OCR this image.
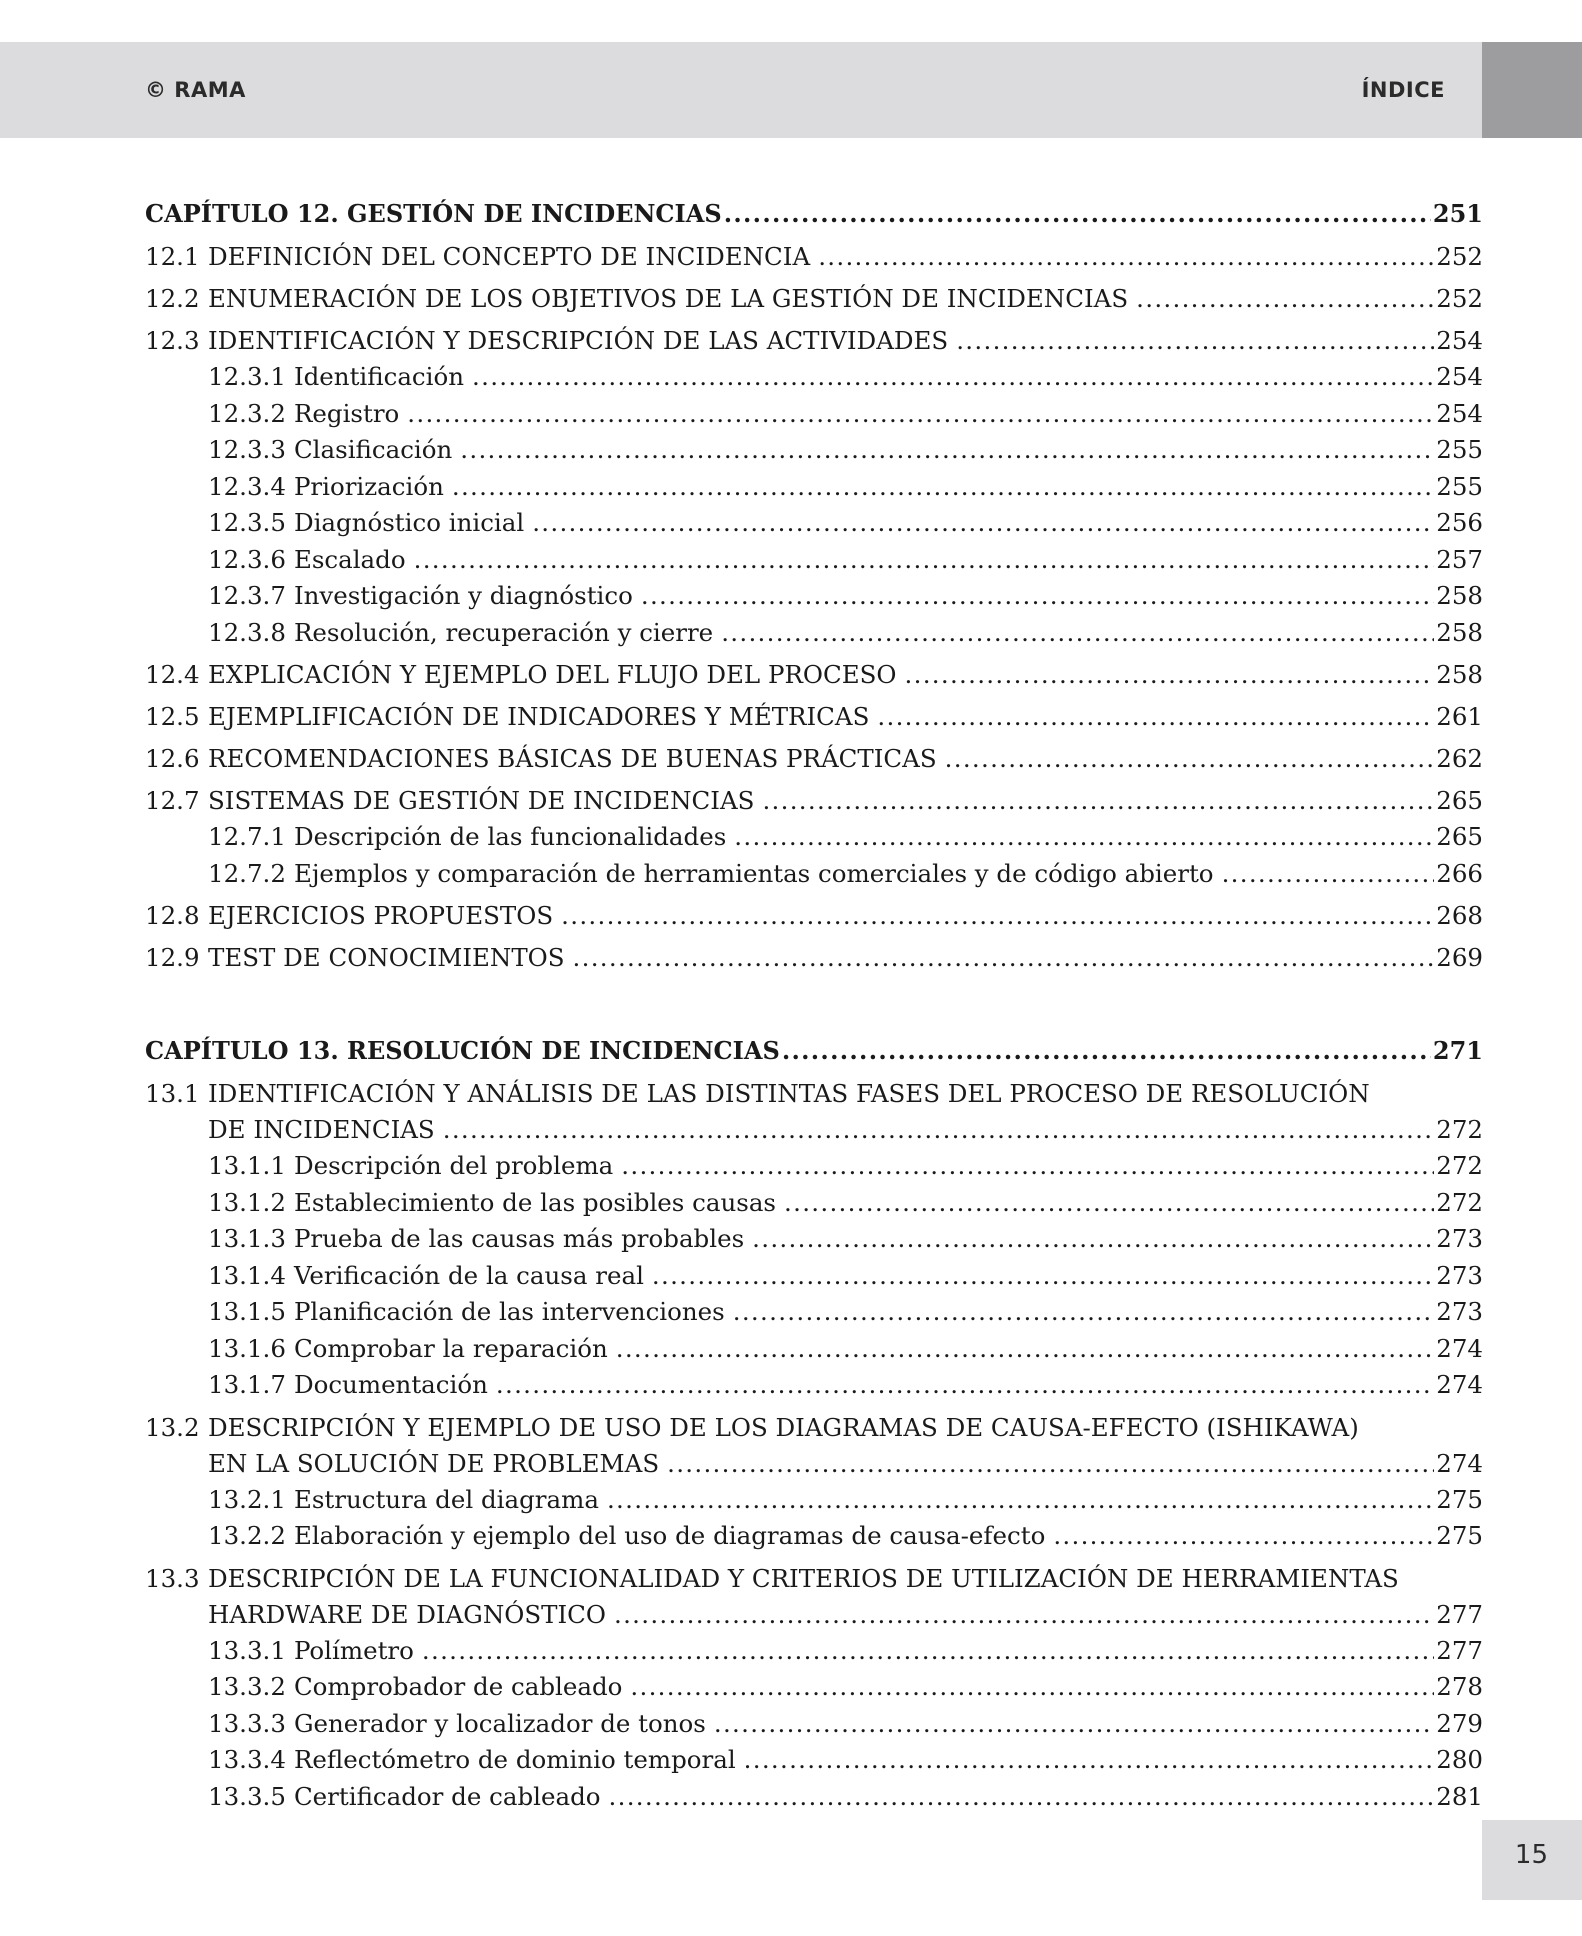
© RAMA	ÍNDICE
CAPÍTULO 12. GESTIÓN DE INCIDENCIAS .....	251
12.1 DEFINICIÓN DEL CONCEPTO DE INCIDENCIA .....	252
12.2 ENUMERACIÓN DE LOS OBJETIVOS DE LA GESTIÓN DE INCIDENCIAS .....	252
12.3 IDENTIFICACIÓN Y DESCRIPCIÓN DE LAS ACTIVIDADES .....	254
12.3.1 Identificación .....	254
12.3.2 Registro .....	254
12.3.3 Clasificación .....	255
12.3.4 Priorización .....	255
12.3.5 Diagnóstico inicial .....	256
12.3.6 Escalado .....	257
12.3.7 Investigación y diagnóstico .....	258
12.3.8 Resolución, recuperación y cierre .....	258
12.4 EXPLICACIÓN Y EJEMPLO DEL FLUJO DEL PROCESO .....	258
12.5 EJEMPLIFICACIÓN DE INDICADORES Y MÉTRICAS .....	261
12.6 RECOMENDACIONES BÁSICAS DE BUENAS PRÁCTICAS .....	262
12.7 SISTEMAS DE GESTIÓN DE INCIDENCIAS .....	265
12.7.1 Descripción de las funcionalidades .....	265
12.7.2 Ejemplos y comparación de herramientas comerciales y de código abierto .....	266
12.8 EJERCICIOS PROPUESTOS .....	268
12.9 TEST DE CONOCIMIENTOS .....	269
CAPÍTULO 13. RESOLUCIÓN DE INCIDENCIAS .....	271
13.1 IDENTIFICACIÓN Y ANÁLISIS DE LAS DISTINTAS FASES DEL PROCESO DE RESOLUCIÓN
DE INCIDENCIAS .....	272
13.1.1 Descripción del problema .....	272
13.1.2 Establecimiento de las posibles causas .....	272
13.1.3 Prueba de las causas más probables .....	273
13.1.4 Verificación de la causa real .....	273
13.1.5 Planificación de las intervenciones .....	273
13.1.6 Comprobar la reparación .....	274
13.1.7 Documentación .....	274
13.2 DESCRIPCIÓN Y EJEMPLO DE USO DE LOS DIAGRAMAS DE CAUSA-EFECTO (ISHIKAWA)
EN LA SOLUCIÓN DE PROBLEMAS .....	274
13.2.1 Estructura del diagrama .....	275
13.2.2 Elaboración y ejemplo del uso de diagramas de causa-efecto .....	275
13.3 DESCRIPCIÓN DE LA FUNCIONALIDAD Y CRITERIOS DE UTILIZACIÓN DE HERRAMIENTAS
HARDWARE DE DIAGNÓSTICO .....	277
13.3.1 Polímetro .....	277
13.3.2 Comprobador de cableado .....	278
13.3.3 Generador y localizador de tonos .....	279
13.3.4 Reflectómetro de dominio temporal .....	280
13.3.5 Certificador de cableado .....	281
15
